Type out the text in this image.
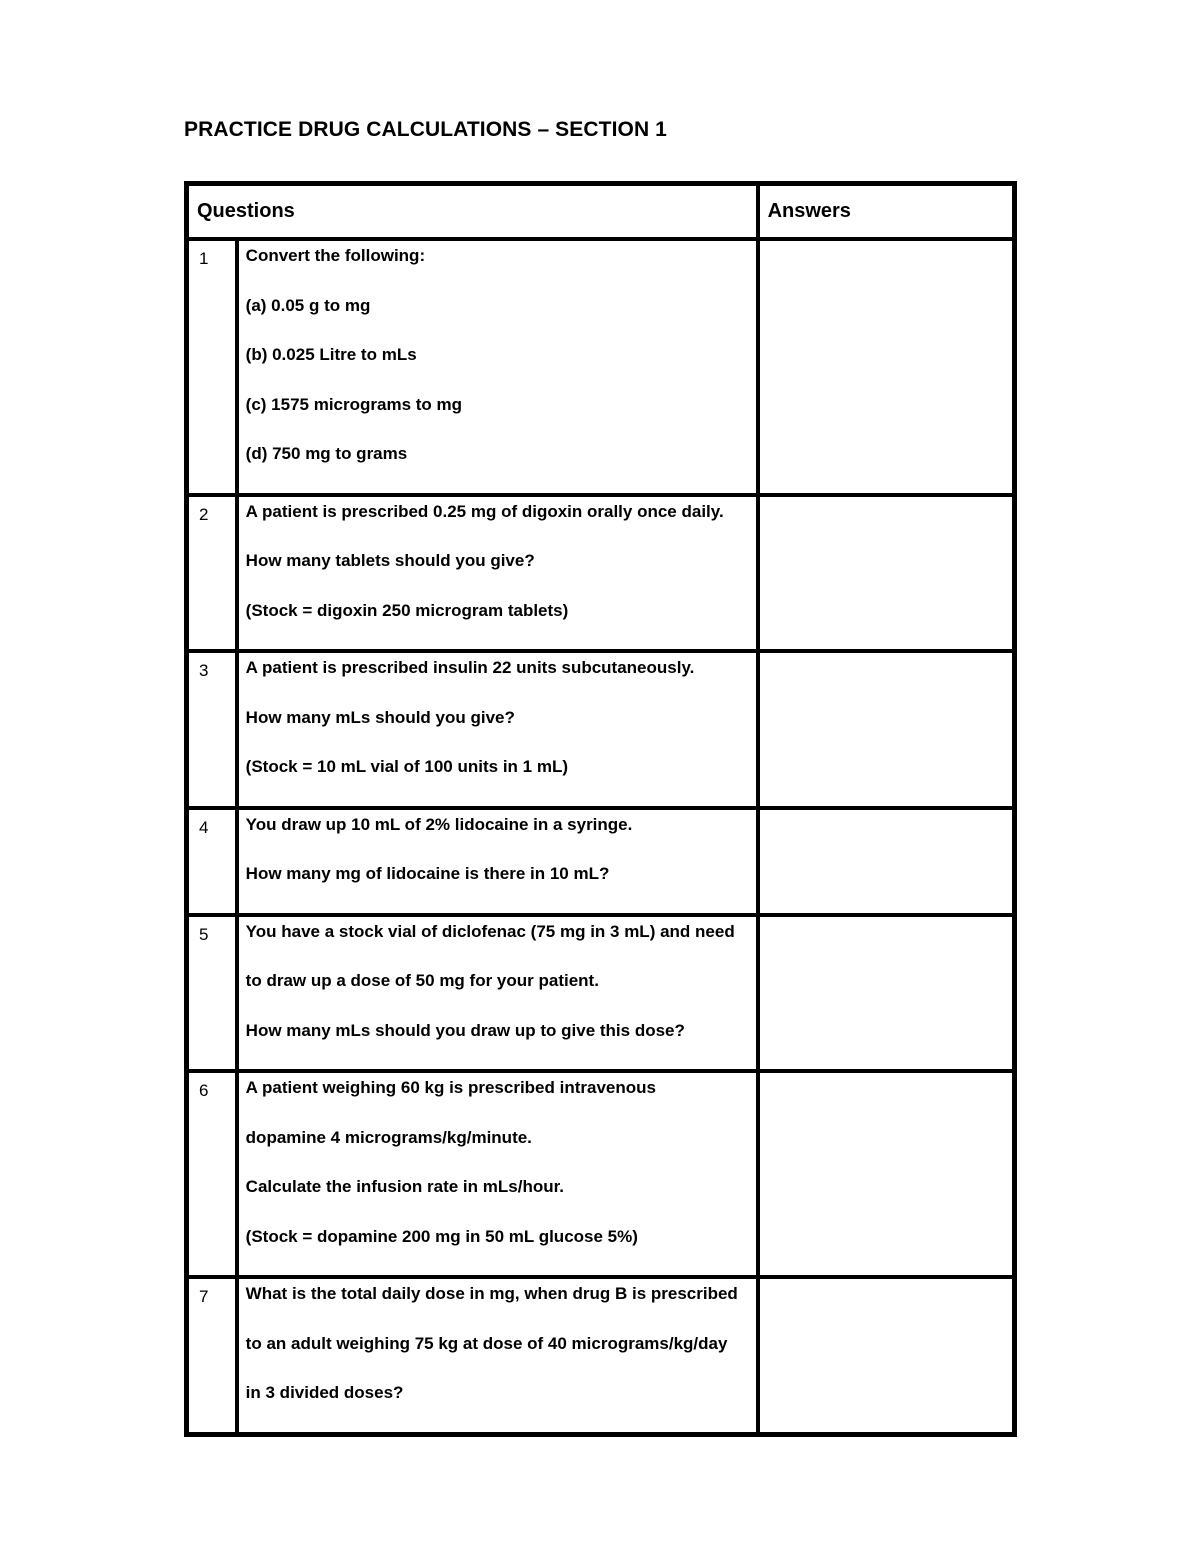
PRACTICE DRUG CALCULATIONS – SECTION 1
Questions		Answers
1	Convert the following:
(a) 0.05 g to mg
(b) 0.025 Litre to mLs
(c) 1575 micrograms to mg
(d) 750 mg to grams	

2	A patient is prescribed 0.25 mg of digoxin orally once daily.
How many tablets should you give?
(Stock = digoxin 250 microgram tablets)	

3	A patient is prescribed insulin 22 units subcutaneously.
How many mLs should you give?
(Stock = 10 mL vial of 100 units in 1 mL)	

4	You draw up 10 mL of 2% lidocaine in a syringe.
How many mg of lidocaine is there in 10 mL?	

5	You have a stock vial of diclofenac (75 mg in 3 mL) and need
to draw up a dose of 50 mg for your patient.
How many mLs should you draw up to give this dose?	

6	A patient weighing 60 kg is prescribed intravenous
dopamine 4 micrograms/kg/minute.
Calculate the infusion rate in mLs/hour.
(Stock = dopamine 200 mg in 50 mL glucose 5%)	

7	What is the total daily dose in mg, when drug B is prescribed
to an adult weighing 75 kg at dose of 40 micrograms/kg/day
in 3 divided doses?	
